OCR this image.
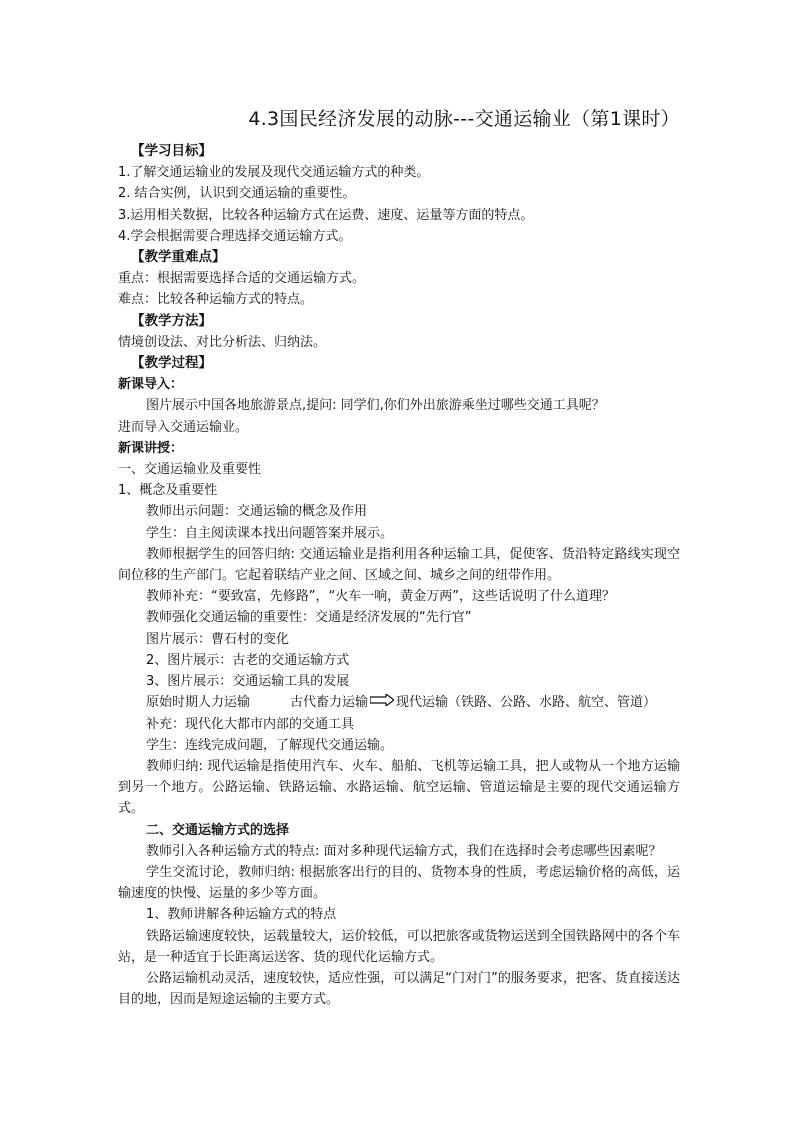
4.3国民经济发展的动脉---交通运输业（第1课时）

【学习目标】

1.了解交通运输业的发展及现代交通运输方式的种类。

2. 结合实例，认识到交通运输的重要性。

3.运用相关数据，比较各种运输方式在运费、速度、运量等方面的特点。

4.学会根据需要合理选择交通运输方式。

【教学重难点】

重点：根据需要选择合适的交通运输方式。

难点：比较各种运输方式的特点。

【教学方法】

情境创设法、对比分析法、归纳法。

【教学过程】

新课导入：

图片展示中国各地旅游景点,提问: 同学们,你们外出旅游乘坐过哪些交通工具呢？

进而导入交通运输业。

新课讲授：

一、交通运输业及重要性

1、概念及重要性

教师出示问题：交通运输的概念及作用

学生：自主阅读课本找出问题答案并展示。

教师根据学生的回答归纳: 交通运输业是指利用各种运输工具，促使客、货沿特定路线实现空间位移的生产部门。它起着联结产业之间、区域之间、城乡之间的纽带作用。

教师补充：“要致富，先修路”，“火车一响，黄金万两”，这些话说明了什么道理？

教师强化交通运输的重要性：交通是经济发展的“先行官”

图片展示：曹石村的变化

2、图片展示：古老的交通运输方式

3、图片展示：交通运输工具的发展

原始时期人力运输	古代畜力运输 现代运输（铁路、公路、水路、航空、管道）

补充：现代化大都市内部的交通工具

学生：连线完成问题，了解现代交通运输。

教师归纳: 现代运输是指使用汽车、火车、船舶、飞机等运输工具，把人或物从一个地方运输到另一个地方。公路运输、铁路运输、水路运输、航空运输、管道运输是主要的现代交通运输方式。

二、交通运输方式的选择

教师引入各种运输方式的特点: 面对多种现代运输方式，我们在选择时会考虑哪些因素呢？

学生交流讨论，教师归纳: 根据旅客出行的目的、货物本身的性质，考虑运输价格的高低，运输速度的快慢、运量的多少等方面。

1、教师讲解各种运输方式的特点

铁路运输速度较快，运载量较大，运价较低，可以把旅客或货物运送到全国铁路网中的各个车站，是一种适宜于长距离运送客、货的现代化运输方式。

公路运输机动灵活，速度较快，适应性强，可以满足“门对门”的服务要求，把客、货直接送达目的地，因而是短途运输的主要方式。
